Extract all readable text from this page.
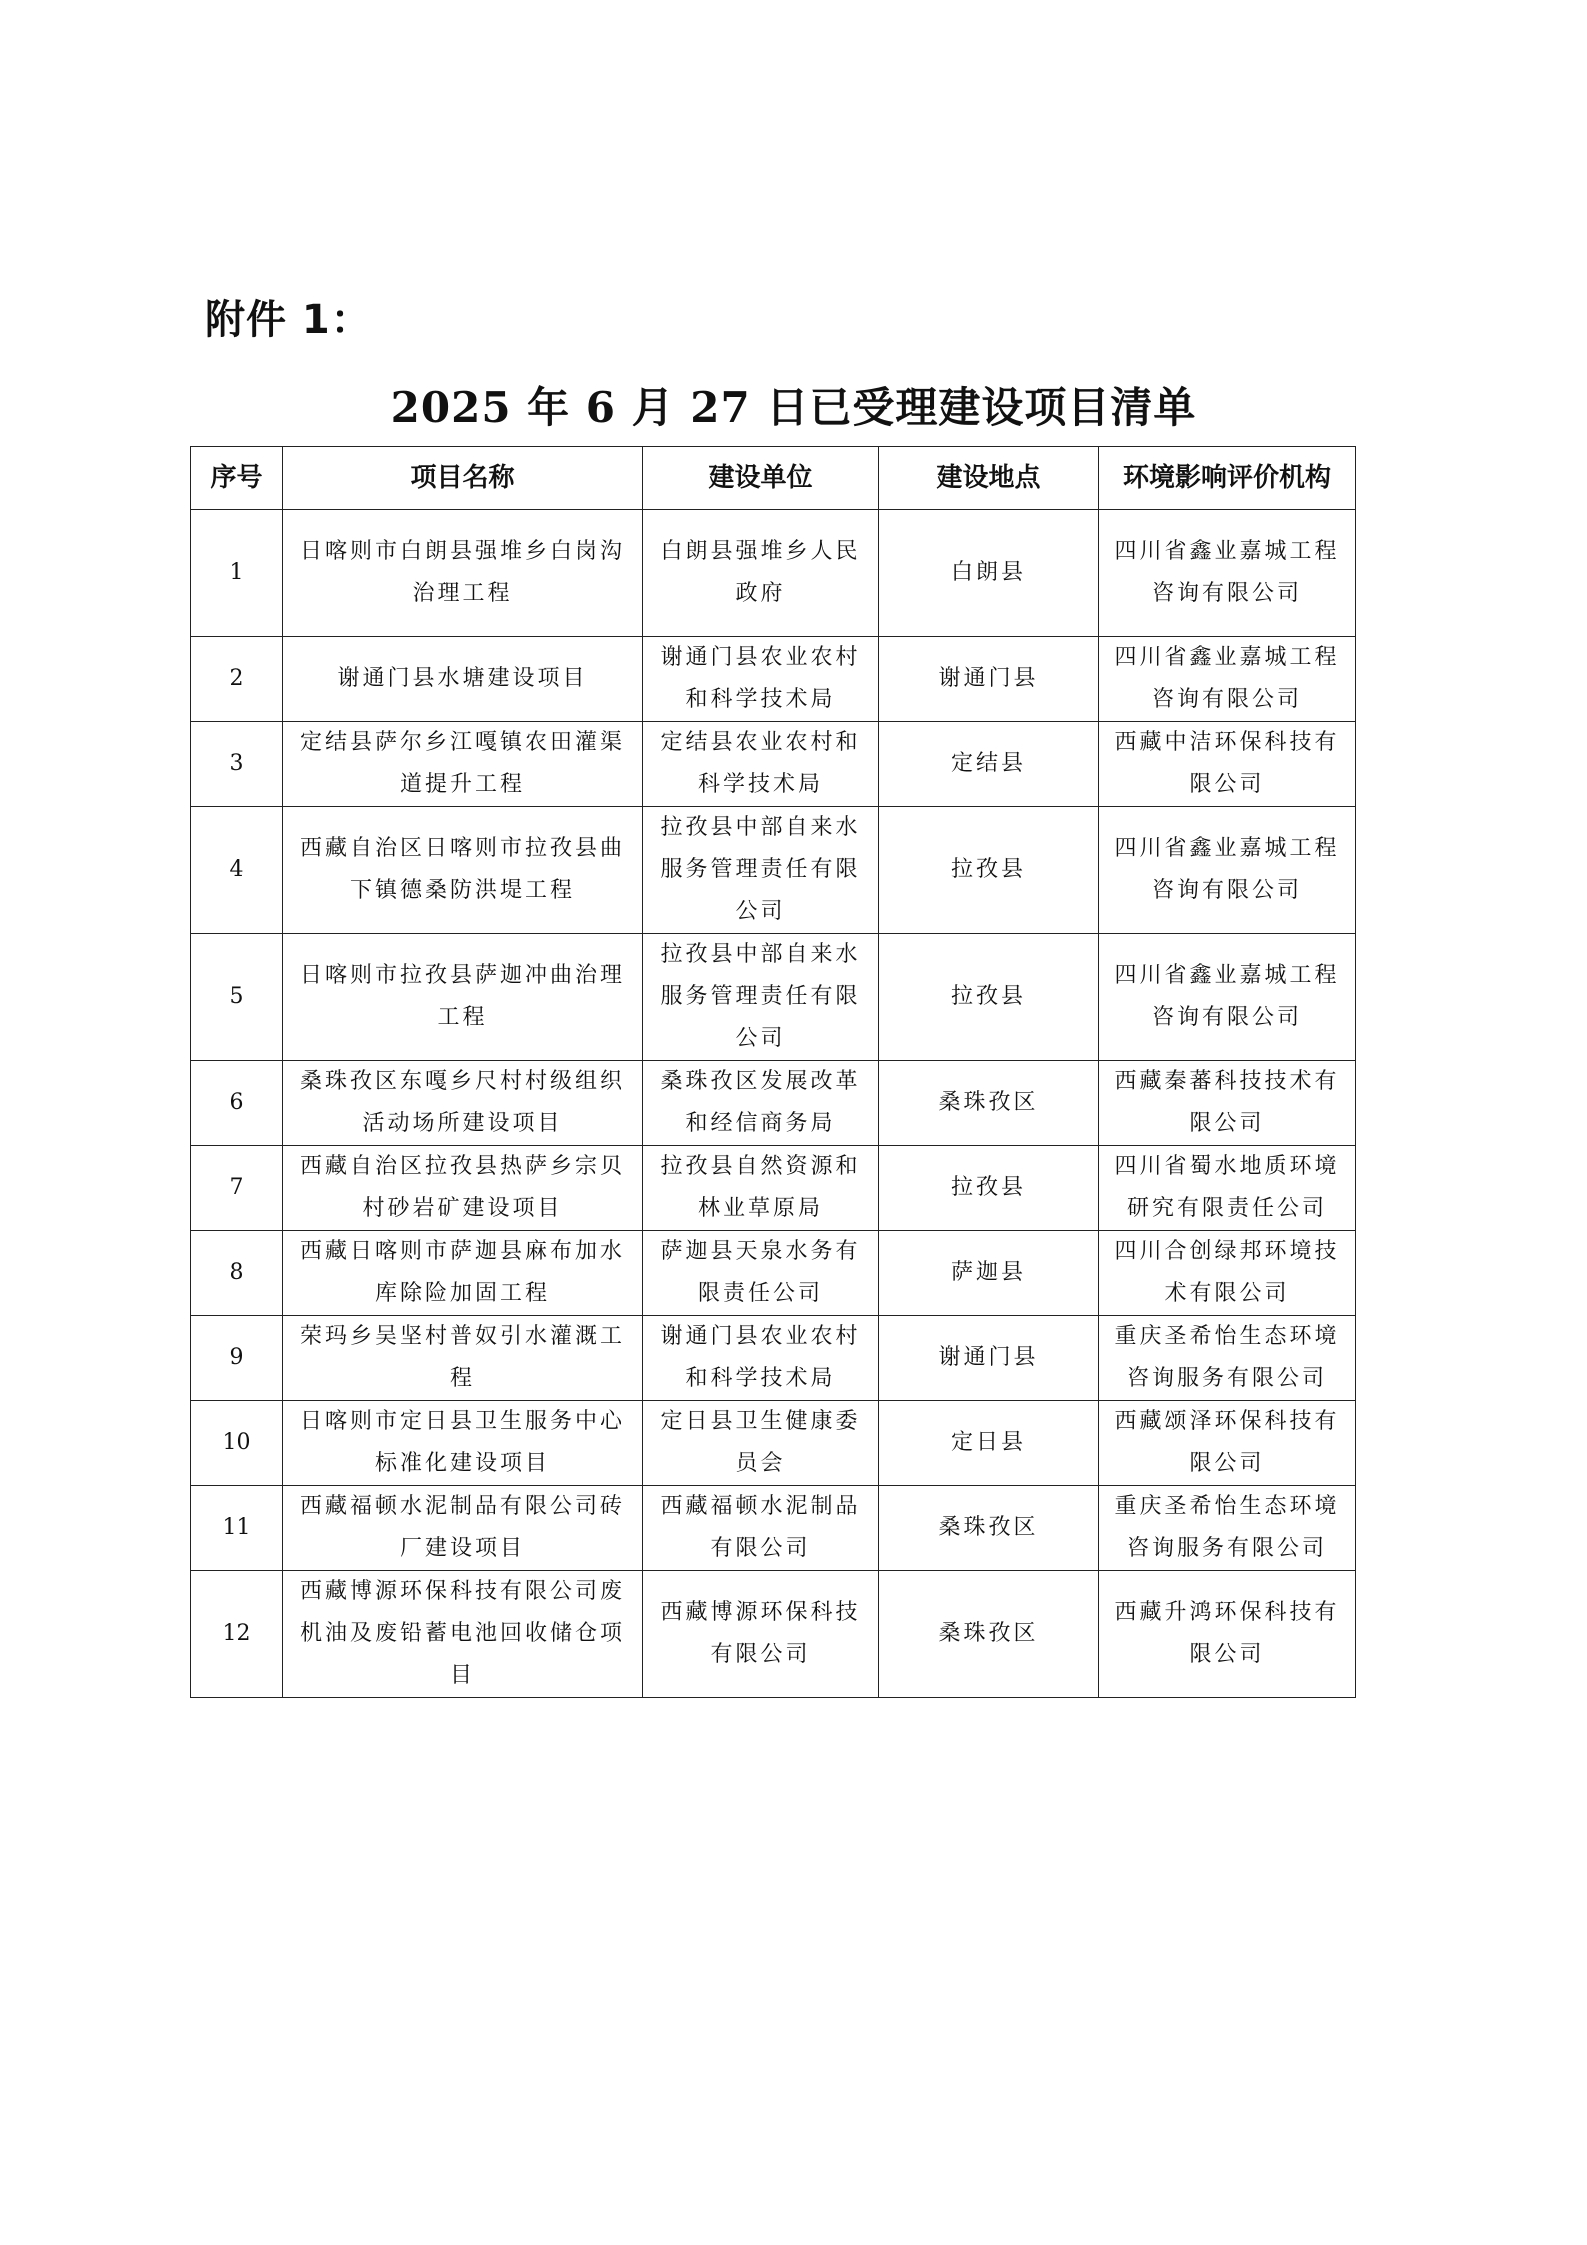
附件 1：
2025 年 6 月 27 日已受理建设项目清单
序号	项目名称	建设单位	建设地点	环境影响评价机构
1	日喀则市白朗县强堆乡白岗沟治理工程	白朗县强堆乡人民政府	白朗县	四川省鑫业嘉城工程咨询有限公司
2	谢通门县水塘建设项目	谢通门县农业农村和科学技术局	谢通门县	四川省鑫业嘉城工程咨询有限公司
3	定结县萨尔乡江嘎镇农田灌渠道提升工程	定结县农业农村和科学技术局	定结县	西藏中洁环保科技有限公司
4	西藏自治区日喀则市拉孜县曲下镇德桑防洪堤工程	拉孜县中部自来水服务管理责任有限公司	拉孜县	四川省鑫业嘉城工程咨询有限公司
5	日喀则市拉孜县萨迦冲曲治理工程	拉孜县中部自来水服务管理责任有限公司	拉孜县	四川省鑫业嘉城工程咨询有限公司
6	桑珠孜区东嘎乡尺村村级组织活动场所建设项目	桑珠孜区发展改革和经信商务局	桑珠孜区	西藏秦蕃科技技术有限公司
7	西藏自治区拉孜县热萨乡宗贝村砂岩矿建设项目	拉孜县自然资源和林业草原局	拉孜县	四川省蜀水地质环境研究有限责任公司
8	西藏日喀则市萨迦县麻布加水库除险加固工程	萨迦县天泉水务有限责任公司	萨迦县	四川合创绿邦环境技术有限公司
9	荣玛乡吴坚村普奴引水灌溉工程	谢通门县农业农村和科学技术局	谢通门县	重庆圣希怡生态环境咨询服务有限公司
10	日喀则市定日县卫生服务中心标准化建设项目	定日县卫生健康委员会	定日县	西藏颂泽环保科技有限公司
11	西藏福顿水泥制品有限公司砖厂建设项目	西藏福顿水泥制品有限公司	桑珠孜区	重庆圣希怡生态环境咨询服务有限公司
12	西藏博源环保科技有限公司废机油及废铅蓄电池回收储仓项目	西藏博源环保科技有限公司	桑珠孜区	西藏升鸿环保科技有限公司
